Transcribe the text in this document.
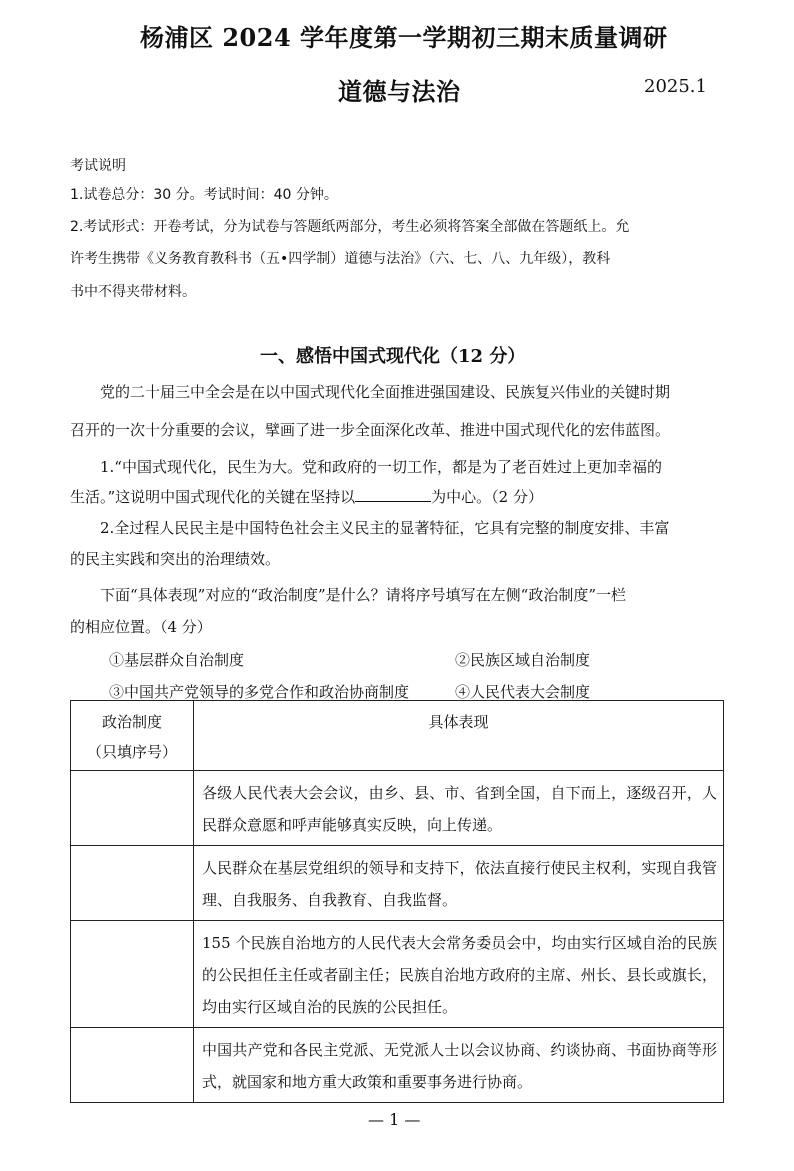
杨浦区 2024 学年度第一学期初三期末质量调研
道德与法治	2025.1
考试说明
1.试卷总分：30 分。考试时间：40 分钟。
2.考试形式：开卷考试，分为试卷与答题纸两部分，考生必须将答案全部做在答题纸上。允
许考生携带《义务教育教科书（五•四学制）道德与法治》（六、七、八、九年级），教科
书中不得夹带材料。
一、感悟中国式现代化（12 分）
党的二十届三中全会是在以中国式现代化全面推进强国建设、民族复兴伟业的关键时期
召开的一次十分重要的会议，擘画了进一步全面深化改革、推进中国式现代化的宏伟蓝图。
1.“中国式现代化，民生为大。党和政府的一切工作，都是为了老百姓过上更加幸福的
生活。”这说明中国式现代化的关键在坚持以	为中心。（2 分）
2.全过程人民民主是中国特色社会主义民主的显著特征，它具有完整的制度安排、丰富
的民主实践和突出的治理绩效。
下面“具体表现”对应的“政治制度”是什么？请将序号填写在左侧“政治制度”一栏
的相应位置。（4 分）
①基层群众自治制度	②民族区域自治制度
③中国共产党领导的多党合作和政治协商制度	④人民代表大会制度
政治制度
（只填序号）	具体表现

	各级人民代表大会会议，由乡、县、市、省到全国，自下而上，逐级召开，人民群众意愿和呼声能够真实反映，向上传递。
	人民群众在基层党组织的领导和支持下，依法直接行使民主权利，实现自我管理、自我服务、自我教育、自我监督。
	155 个民族自治地方的人民代表大会常务委员会中，均由实行区域自治的民族的公民担任主任或者副主任；民族自治地方政府的主席、州长、县长或旗长，均由实行区域自治的民族的公民担任。
	中国共产党和各民主党派、无党派人士以会议协商、约谈协商、书面协商等形式，就国家和地方重大政策和重要事务进行协商。
— 1 —
